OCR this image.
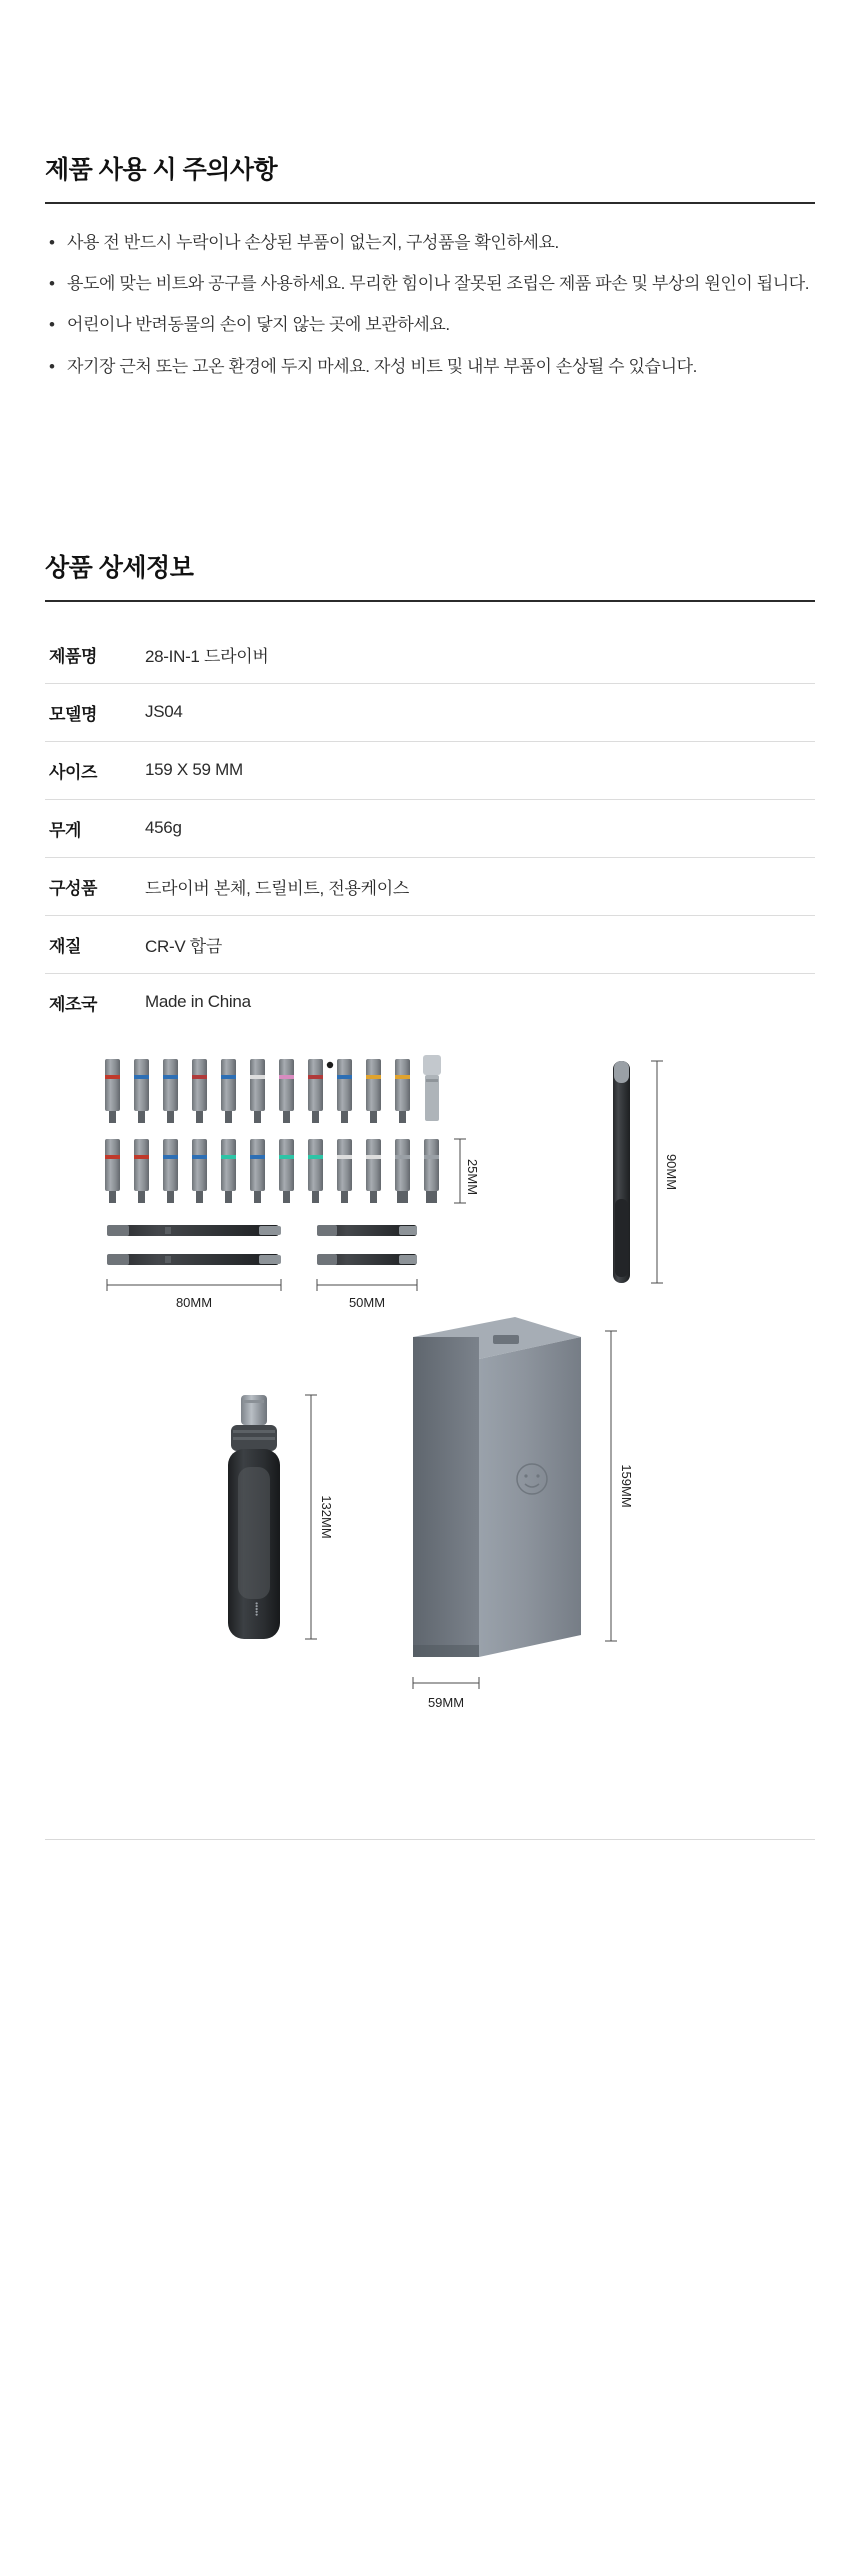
제품 사용 시 주의사항
• 사용 전 반드시 누락이나 손상된 부품이 없는지, 구성품을 확인하세요.
• 용도에 맞는 비트와 공구를 사용하세요. 무리한 힘이나 잘못된 조립은 제품 파손 및 부상의 원인이 됩니다.
• 어린이나 반려동물의 손이 닿지 않는 곳에 보관하세요.
• 자기장 근처 또는 고온 환경에 두지 마세요. 자성 비트 및 내부 부품이 손상될 수 있습니다.
상품 상세정보
제품명	28-IN-1 드라이버
모델명	JS04
사이즈	159 X 59 MM
무게	456g
구성품	드라이버 본체, 드릴비트, 전용케이스
재질	CR-V 합금
제조국	Made in China
25MM
80MM	50MM
90MM
•••••
132MM
159MM
59MM
